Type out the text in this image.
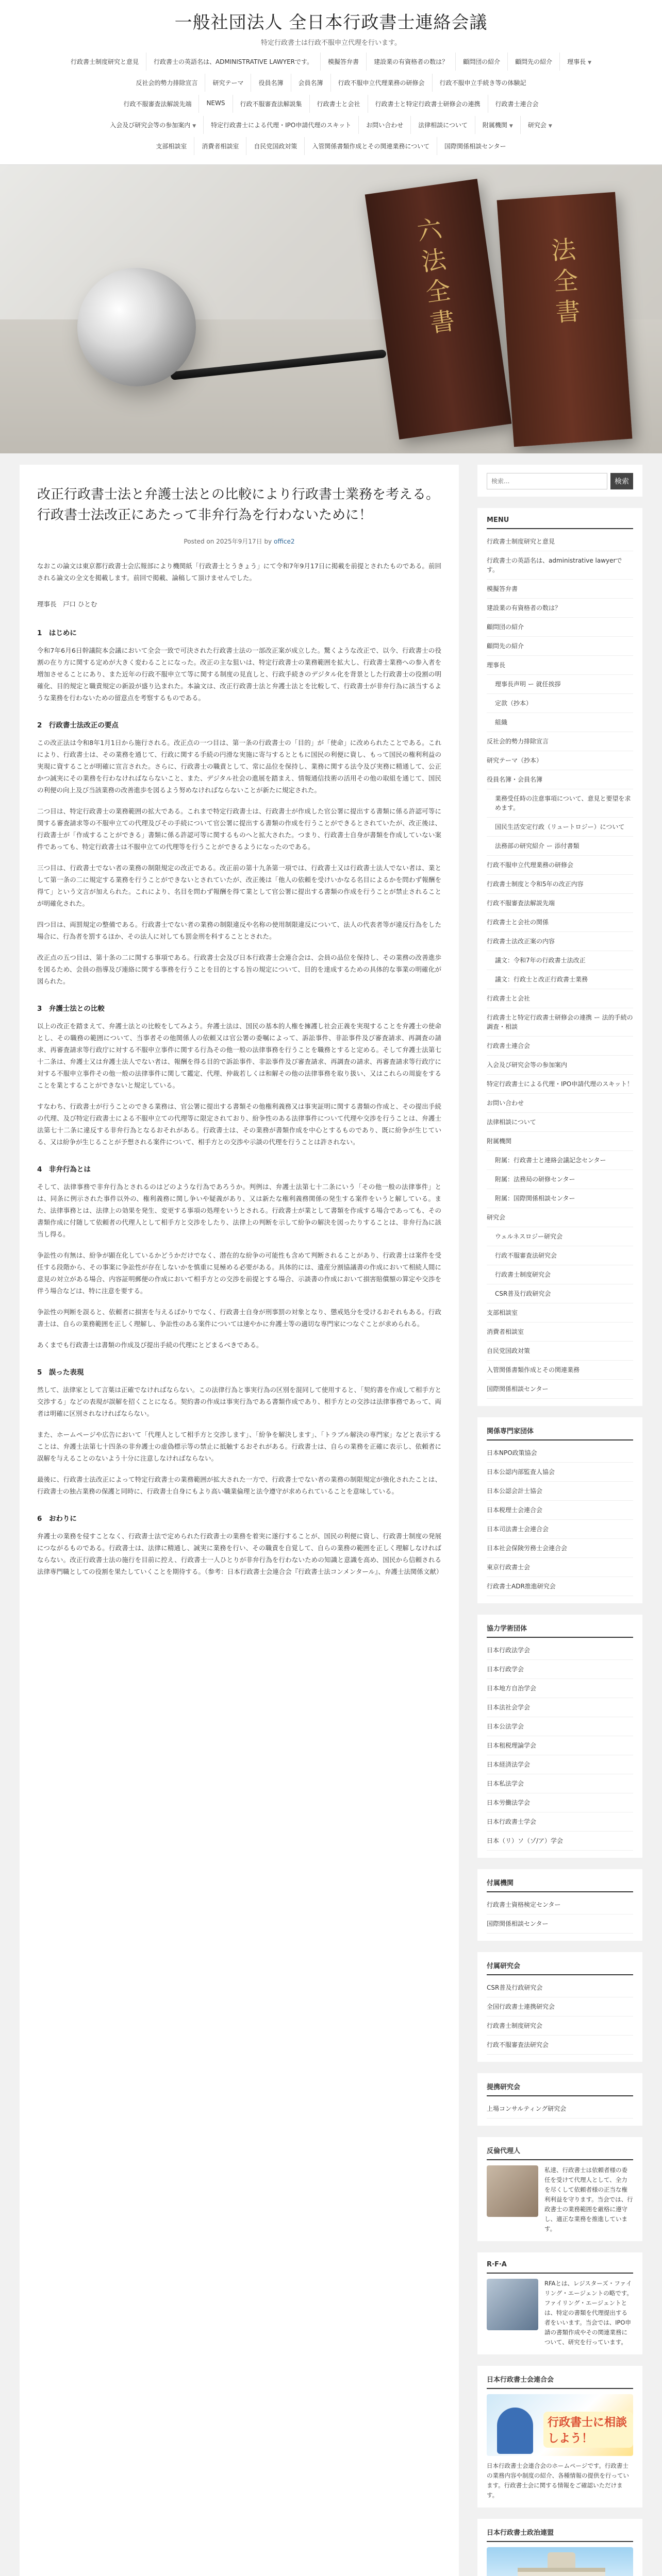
一般社団法人 全日本行政書士連絡会議
特定行政書士は行政不服申立代理を行います。
行政書士制度研究と意見	行政書士の英語名は、ADMINISTRATIVE LAWYERです。	模擬答弁書	建設業の有資格者の数は？	顧問団の紹介	顧問先の紹介	理事長 ▼
反社会的勢力排除宣言	研究テーマ	役員名簿	会員名簿	行政不服申立代理業務の研修会	行政不服申立手続き等の体験記
行政不服審査法解説先端	NEWS	行政不服審査法解説集	行政書士と会社	行政書士と特定行政書士研修会の連携	行政書士連合会
入会及び研究会等の参加案内 ▼	特定行政書士による代理・IPO申請代理のスキット	お問い合わせ	法律相談について	附属機関 ▼	研究会 ▼
支部相談室	消費者相談室	自民党国政対策	入管関係書類作成とその関連業務について	国際関係相談センター
六法全書	法全書
改正行政書士法と弁護士法との比較により行政書士業務を考える。 行政書士法改正にあたって非弁行為を行わないために！
Posted on 2025年9月17日 by office2

なおこの論文は東京都行政書士会広報部により機関紙「行政書士とうきょう」にて令和7年9月17日に掲載を前提とされたものである。前回される論文の全文を掲載します。前回で掲載、論稿して頂けませんでした。

理事長　戸口 ひとむ

1　はじめに

令和7年6月6日幹議院本会議において全会一致で可決された行政書士法の一部改正案が成立した。驚くような改正で、以今、行政書士の役割の在り方に関する定めが大きく変わることになった。改正の主な狙いは、特定行政書士の業務範囲を拡大し、行政書士業務への参入者を増加させることにあり、また近年の行政不服申立て等に関する制度の見直しと、行政手続きのデジタル化を背景とした行政書士の役割の明確化、目的規定と職責規定の新設が盛り込まれた。本論文は、改正行政書士法と弁護士法とを比較して、行政書士が非弁行為に該当するような業務を行わないための留意点を考察するものである。

2　行政書士法改正の要点

この改正法は令和8年1月1日から施行される。改正点の一つ目は、第一条の行政書士の「目的」が「使命」に改められたことである。これにより、行政書士は、その業務を通じて、行政に関する手続の円滑な実施に寄与するとともに国民の利便に資し、もって国民の権利利益の実現に資することが明確に宣言された。さらに、行政書士の職責として、常に品位を保持し、業務に関する法令及び実務に精通して、公正かつ誠実にその業務を行わなければならないこと、また、デジタル社会の進展を踏まえ、情報通信技術の活用その他の取組を通じて、国民の利便の向上及び当該業務の改善進歩を図るよう努めなければならないことが新たに規定された。

二つ目は、特定行政書士の業務範囲の拡大である。これまで特定行政書士は、行政書士が作成した官公署に提出する書類に係る許認可等に関する審査請求等の不服申立ての代理及びその手続について官公署に提出する書類の作成を行うことができるとされていたが、改正後は、行政書士が「作成することができる」書類に係る許認可等に関するものへと拡大された。つまり、行政書士自身が書類を作成していない案件であっても、特定行政書士は不服申立ての代理等を行うことができるようになったのである。

三つ目は、行政書士でない者の業務の制限規定の改正である。改正前の第十九条第一項では、行政書士又は行政書士法人でない者は、業として第一条の二に規定する業務を行うことができないとされていたが、改正後は「他人の依頼を受けいかなる名目によるかを問わず報酬を得て」という文言が加えられた。これにより、名目を問わず報酬を得て業として官公署に提出する書類の作成を行うことが禁止されることが明確化された。

四つ目は、両罰規定の整備である。行政書士でない者の業務の制限違反や名称の使用制限違反について、法人の代表者等が違反行為をした場合に、行為者を罰するほか、その法人に対しても罰金刑を科することとされた。

改正点の五つ目は、第十条の二に関する事項である。行政書士会及び日本行政書士会連合会は、会員の品位を保持し、その業務の改善進歩を図るため、会員の指導及び連絡に関する事務を行うことを目的とする旨の規定について、目的を達成するための具体的な事業の明確化が図られた。

3　弁護士法との比較

以上の改正を踏まえて、弁護士法との比較をしてみよう。弁護士法は、国民の基本的人権を擁護し社会正義を実現することを弁護士の使命とし、その職務の範囲について、当事者その他関係人の依頼又は官公署の委嘱によって、訴訟事件、非訟事件及び審査請求、再調査の請求、再審査請求等行政庁に対する不服申立事件に関する行為その他一般の法律事務を行うことを職務とすると定める。そして弁護士法第七十二条は、弁護士又は弁護士法人でない者は、報酬を得る目的で訴訟事件、非訟事件及び審査請求、再調査の請求、再審査請求等行政庁に対する不服申立事件その他一般の法律事件に関して鑑定、代理、仲裁若しくは和解その他の法律事務を取り扱い、又はこれらの周旋をすることを業とすることができないと規定している。

すなわち、行政書士が行うことのできる業務は、官公署に提出する書類その他権利義務又は事実証明に関する書類の作成と、その提出手続の代理、及び特定行政書士による不服申立ての代理等に限定されており、紛争性のある法律事件について代理や交渉を行うことは、弁護士法第七十二条に違反する非弁行為となるおそれがある。行政書士は、その業務が書類作成を中心とするものであり、既に紛争が生じている、又は紛争が生じることが予想される案件について、相手方との交渉や示談の代理を行うことは許されない。

4　非弁行為とは

そして、法律事務で非弁行為とされるのはどのような行為であろうか。判例は、弁護士法第七十二条にいう「その他一般の法律事件」とは、同条に例示された事件以外の、権利義務に関し争いや疑義があり、又は新たな権利義務関係の発生する案件をいうと解している。また、法律事務とは、法律上の効果を発生、変更する事項の処理をいうとされる。行政書士が業として書類を作成する場合であっても、その書類作成に付随して依頼者の代理人として相手方と交渉をしたり、法律上の判断を示して紛争の解決を図ったりすることは、非弁行為に該当し得る。

争訟性の有無は、紛争が顕在化しているかどうかだけでなく、潜在的な紛争の可能性も含めて判断されることがあり、行政書士は案件を受任する段階から、その事案に争訟性が存在しないかを慎重に見極める必要がある。具体的には、遺産分割協議書の作成において相続人間に意見の対立がある場合、内容証明郵便の作成において相手方との交渉を前提とする場合、示談書の作成において損害賠償額の算定や交渉を伴う場合などは、特に注意を要する。

争訟性の判断を誤ると、依頼者に損害を与えるばかりでなく、行政書士自身が刑事罰の対象となり、懲戒処分を受けるおそれもある。行政書士は、自らの業務範囲を正しく理解し、争訟性のある案件については速やかに弁護士等の適切な専門家につなぐことが求められる。

あくまでも行政書士は書類の作成及び提出手続の代理にとどまるべきである。

5　誤った表現

然して、法律家として言葉は正確でなければならない。この法律行為と事実行為の区別を混同して使用すると、「契約書を作成して相手方と交渉する」などの表現が誤解を招くことになる。契約書の作成は事実行為である書類作成であり、相手方との交渉は法律事務であって、両者は明確に区別されなければならない。

また、ホームページや広告において「代理人として相手方と交渉します」、「紛争を解決します」、「トラブル解決の専門家」などと表示することは、弁護士法第七十四条の非弁護士の虚偽標示等の禁止に抵触するおそれがある。行政書士は、自らの業務を正確に表示し、依頼者に誤解を与えることのないよう十分に注意しなければならない。

最後に、行政書士法改正によって特定行政書士の業務範囲が拡大された一方で、行政書士でない者の業務の制限規定が強化されたことは、行政書士の独占業務の保護と同時に、行政書士自身にもより高い職業倫理と法令遵守が求められていることを意味している。

6　おわりに

弁護士の業務を侵すことなく、行政書士法で定められた行政書士の業務を着実に遂行することが、国民の利便に資し、行政書士制度の発展につながるものである。行政書士は、法律に精通し、誠実に業務を行い、その職責を自覚して、自らの業務の範囲を正しく理解しなければならない。改正行政書士法の施行を目前に控え、行政書士一人ひとりが非弁行為を行わないための知識と意識を高め、国民から信頼される法律専門職としての役割を果たしていくことを期待する。（参考：日本行政書士会連合会『行政書士法コンメンタール』、弁護士法関係文献）

検索...
検索
MENU
行政書士制度研究と意見
行政書士の英語名は、administrative lawyerです。
模擬答弁書
建設業の有資格者の数は？
顧問団の紹介
顧問先の紹介
理事長
理事長声明 ー 就任挨拶
定款（抄本）
組織
反社会的勢力排除宣言
研究テーマ（抄本）
役員名簿・会員名簿
業務受任時の注意事項について、意見と要望を求めます。
国民生活安定行政（リュートロジー）について
法務部の研究紹介 ー 添付書類
行政不服申立代理業務の研修会
行政書士制度と令和5年の改正内容
行政不服審査法解説先端
行政書士と会社の関係
行政書士法改正案の内容
議文：令和7年の行政書士法改正
議文：行政士と改正行政書士業務
行政書士と会社
行政書士と特定行政書士研修会の連携 ー 法的手続の調査・相談
行政書士連合会
入会及び研究会等の参加案内
特定行政書士による代理・IPO申請代理のスキット！
お問い合わせ
法律相談について
附属機関
附属：行政書士と連絡会議記念センター
附属：法務局の研修センター
附属：国際関係相談センター
研究会
ウェルネスロジー研究会
行政不服審査法研究会
行政書士制度研究会
CSR普及行政研究会
支部相談室
消費者相談室
自民党国政対策
入管関係書類作成とその関連業務
国際関係相談センター
関係専門家団体
日本NPO政策協会
日本公認内部監査人協会
日本公認会計士協会
日本税理士会連合会
日本司法書士会連合会
日本社会保険労務士会連合会
東京行政書士会
行政書士ADR推進研究会
協力学術団体
日本行政法学会
日本行政学会
日本地方自治学会
日本法社会学会
日本公法学会
日本租税理論学会
日本経済法学会
日本私法学会
日本労働法学会
日本行政書士学会
日本（リ）ソ（ゾ/ア）学会
付属機関
行政書士資格検定センター
国際関係相談センター
付属研究会
CSR普及行政研究会
全国行政書士連携研究会
行政書士制度研究会
行政不服審査法研究会
提携研究会
上場コンサルティング研究会
反倫代理人
私達、行政書士は依頼者様の委任を受けて代理人として、全力を尽くして依頼者様の正当な権利利益を守ります。当会では、行政書士の業務範囲を厳格に遵守し、適正な業務を推進しています。
R·F·A
RFAとは、レジスターズ・ファイリング・エージェントの略です。ファイリング・エージェントとは、特定の書類を代理提出する者をいいます。当会では、IPO申請の書類作成やその関連業務について、研究を行っています。
日本行政書士会連合会
行政書士に相談しよう！
日本行政書士会連合会のホームページです。行政書士の業務内容や制度の紹介、各種情報の提供を行っています。行政書士会に関する情報をご確認いただけます。
日本行政書士政治連盟
